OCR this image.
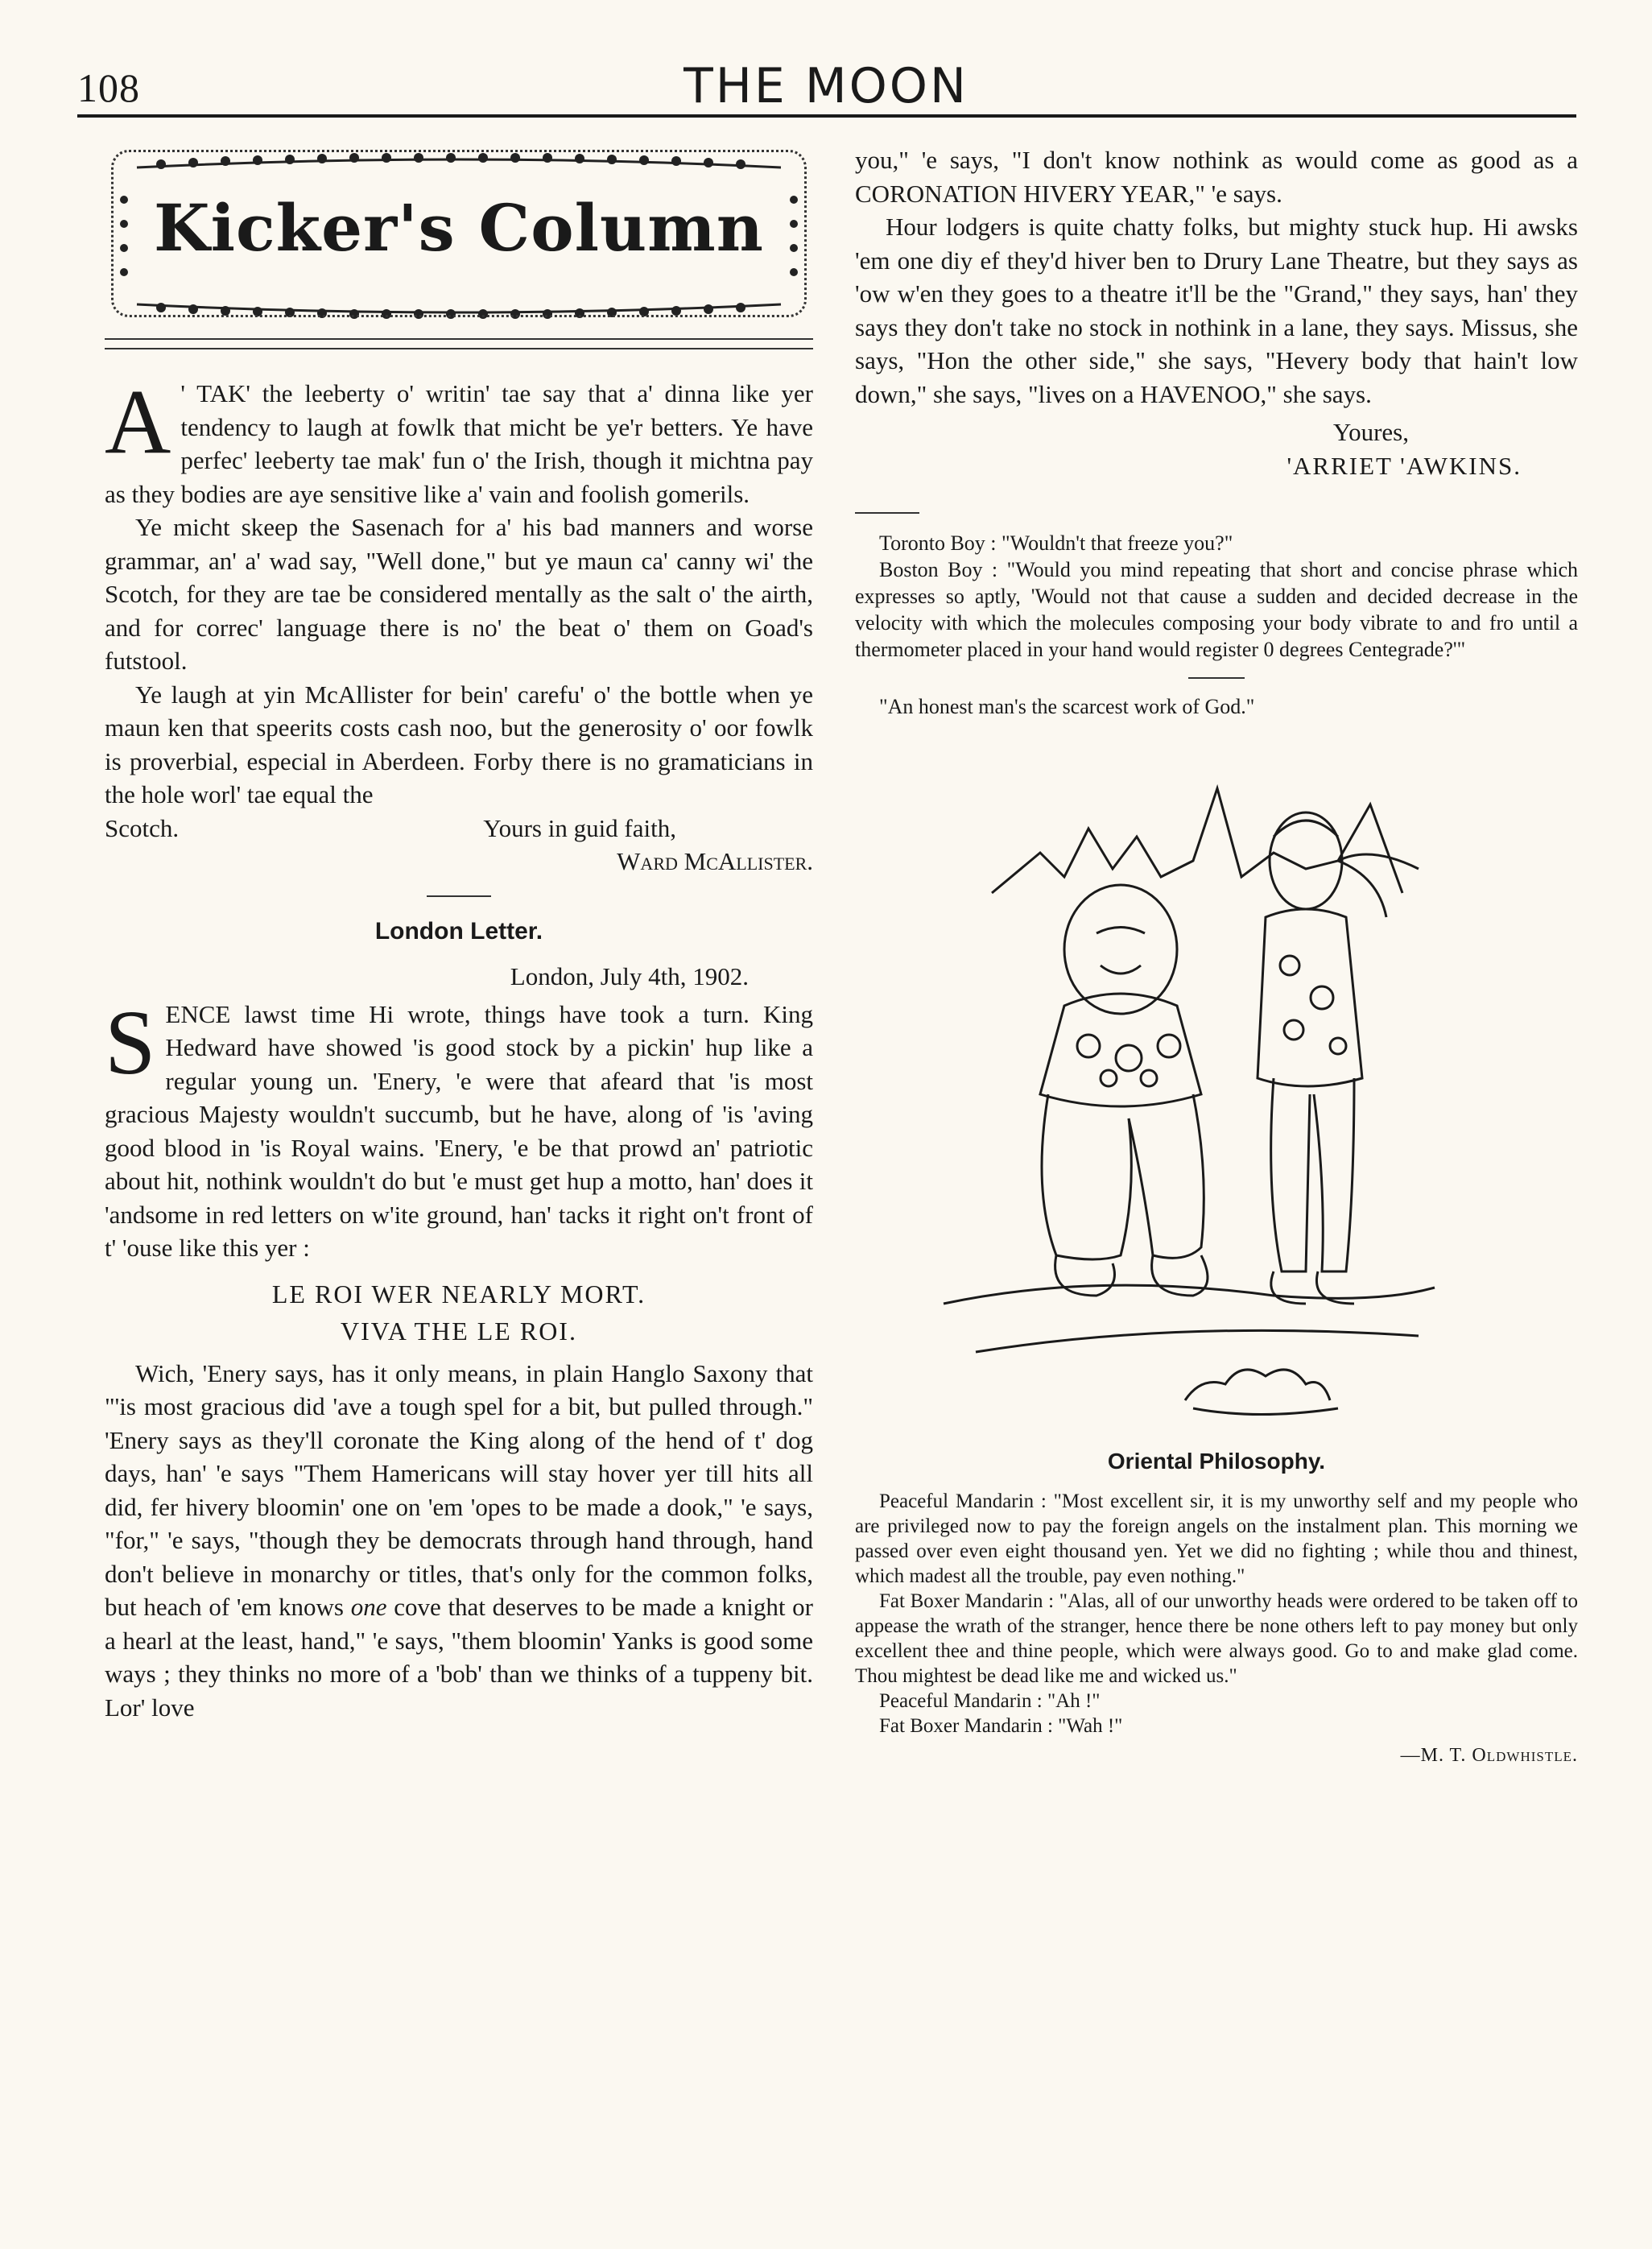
108	THE MOON
Kicker's Column

A ' TAK' the leeberty o' writin' tae say that a' dinna like yer tendency to laugh at fowlk that micht be ye'r betters. Ye have perfec' leeberty tae mak' fun o' the Irish, though it michtna pay as they bodies are aye sensitive like a' vain and foolish gomerils.

Ye micht skeep the Sasenach for a' his bad manners and worse grammar, an' a' wad say, "Well done," but ye maun ca' canny wi' the Scotch, for they are tae be considered mentally as the salt o' the airth, and for correc' language there is no' the beat o' them on Goad's futstool.

Ye laugh at yin McAllister for bein' carefu' o' the bottle when ye maun ken that speerits costs cash noo, but the generosity o' oor fowlk is proverbial, especial in Aberdeen. Forby there is no gramaticians in the hole worl' tae equal the

Scotch.	Yours in guid faith,

Ward McAllister.

London Letter.

London, July 4th, 1902.

SENCE lawst time Hi wrote, things have took a turn. King Hedward have showed 'is good stock by a pickin' hup like a regular young un. 'Enery, 'e were that afeard that 'is most gracious Majesty wouldn't succumb, but he have, along of 'is 'aving good blood in 'is Royal wains. 'Enery, 'e be that prowd an' patriotic about hit, nothink wouldn't do but 'e must get hup a motto, han' does it 'andsome in red letters on w'ite ground, han' tacks it right on't front of t' 'ouse like this yer :

LE ROI WER NEARLY MORT.

VIVA THE LE ROI.

Wich, 'Enery says, has it only means, in plain Hanglo Saxony that "'is most gracious did 'ave a tough spel for a bit, but pulled through." 'Enery says as they'll coronate the King along of the hend of t' dog days, han' 'e says "Them Hamericans will stay hover yer till hits all did, fer hivery bloomin' one on 'em 'opes to be made a dook," 'e says, "for," 'e says, "though they be democrats through hand through, hand don't believe in monarchy or titles, that's only for the common folks, but heach of 'em knows one cove that deserves to be made a knight or a hearl at the least, hand," 'e says, "them bloomin' Yanks is good some ways ; they thinks no more of a 'bob' than we thinks of a tuppeny bit. Lor' love

you," 'e says, "I don't know nothink as would come as good as a CORONATION HIVERY YEAR," 'e says.

Hour lodgers is quite chatty folks, but mighty stuck hup. Hi awsks 'em one diy ef they'd hiver ben to Drury Lane Theatre, but they says as 'ow w'en they goes to a theatre it'll be the "Grand," they says, han' they says they don't take no stock in nothink in a lane, they says. Missus, she says, "Hon the other side," she says, "Hevery body that hain't low down," she says, "lives on a HAVENOO," she says.

Youres,

'ARRIET 'AWKINS.

Toronto Boy : "Wouldn't that freeze you?"

Boston Boy : "Would you mind repeating that short and concise phrase which expresses so aptly, 'Would not that cause a sudden and decided decrease in the velocity with which the molecules composing your body vibrate to and fro until a thermometer placed in your hand would register 0 degrees Centegrade?'"

"An honest man's the scarcest work of God."

Oriental Philosophy.

Peaceful Mandarin : "Most excellent sir, it is my unworthy self and my people who are privileged now to pay the foreign angels on the instalment plan. This morning we passed over even eight thousand yen. Yet we did no fighting ; while thou and thinest, which madest all the trouble, pay even nothing."

Fat Boxer Mandarin : "Alas, all of our unworthy heads were ordered to be taken off to appease the wrath of the stranger, hence there be none others left to pay money but only excellent thee and thine people, which were always good. Go to and make glad come. Thou mightest be dead like me and wicked us."

Peaceful Mandarin : "Ah !"

Fat Boxer Mandarin : "Wah !"

—M. T. Oldwhistle.
